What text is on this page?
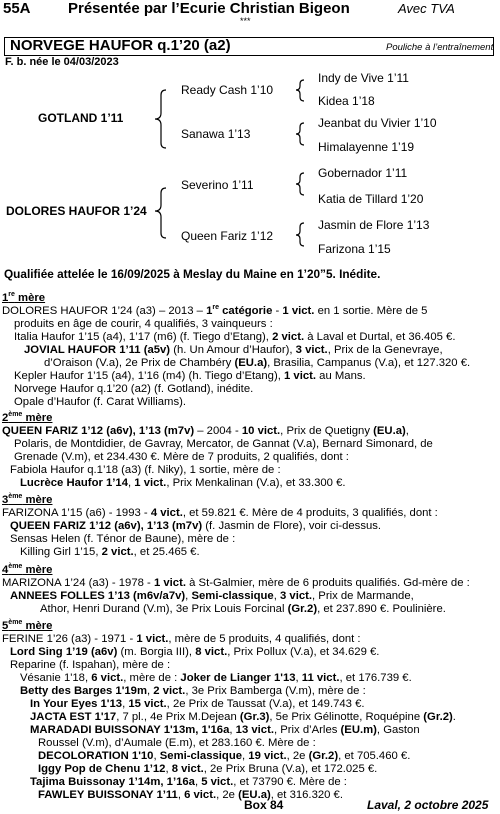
55A Présentée par l’Ecurie Christian Bigeon	Avec TVA
***
NORVEGE HAUFOR q.1’20 (a2)	Pouliche à l’entraînement
F. b. née le 04/03/2023
GOTLAND 1’11
DOLORES HAUFOR 1’24
Ready Cash 1’10
Sanawa 1’13
Severino 1’11
Queen Fariz 1’12
Indy de Vive 1’11
Kidea 1’18
Jeanbat du Vivier 1’10
Himalayenne 1’19
Gobernador 1’11
Katia de Tillard 1’20
Jasmin de Flore 1’13
Farizona 1’15
Qualifiée attelée le 16/09/2025 à Meslay du Maine en 1’20”5. Inédite.
1re mère
DOLORES HAUFOR 1’24 (a3) – 2013 – 1re catégorie - 1 vict. en 1 sortie. Mère de 5
produits en âge de courir, 4 qualifiés, 3 vainqueurs :
Italia Haufor 1’15 (a4), 1’17 (m6) (f. Tiego d’Etang), 2 vict. à Laval et Durtal, et 36.405 €.
JOVIAL HAUFOR 1’11 (a5v) (h. Un Amour d’Haufor), 3 vict., Prix de la Genevraye,
d’Oraison (V.a), 2e Prix de Chambéry (EU.a), Brasilia, Campanus (V.a), et 127.320 €.
Kepler Haufor 1’15 (a4), 1’16 (m4) (h. Tiego d’Etang), 1 vict. au Mans.
Norvege Haufor q.1’20 (a2) (f. Gotland), inédite.
Opale d’Haufor (f. Carat Williams).
2ème mère
QUEEN FARIZ 1’12 (a6v), 1’13 (m7v) – 2004 - 10 vict., Prix de Quetigny (EU.a),
Polaris, de Montdidier, de Gavray, Mercator, de Gannat (V.a), Bernard Simonard, de
Grenade (V.m), et 234.430 €. Mère de 7 produits, 2 qualifiés, dont :
Fabiola Haufor q.1’18 (a3) (f. Niky), 1 sortie, mère de :
Lucrèce Haufor 1’14, 1 vict., Prix Menkalinan (V.a), et 33.300 €.
3ème mère
FARIZONA 1’15 (a6) - 1993 - 4 vict., et 59.821 €. Mère de 4 produits, 3 qualifiés, dont :
QUEEN FARIZ 1’12 (a6v), 1’13 (m7v) (f. Jasmin de Flore), voir ci-dessus.
Sensas Helen (f. Ténor de Baune), mère de :
Killing Girl 1’15, 2 vict., et 25.465 €.
4ème mère
MARIZONA 1’24 (a3) - 1978 - 1 vict. à St-Galmier, mère de 6 produits qualifiés. Gd-mère de :
ANNEES FOLLES 1’13 (m6v/a7v), Semi-classique, 3 vict., Prix de Marmande,
Athor, Henri Durand (V.m), 3e Prix Louis Forcinal (Gr.2), et 237.890 €. Poulinière.
5ème mère
FERINE 1’26 (a3) - 1971 - 1 vict., mère de 5 produits, 4 qualifiés, dont :
Lord Sing 1’19 (a6v) (m. Borgia III), 8 vict., Prix Pollux (V.a), et 34.629 €.
Reparine (f. Ispahan), mère de :
Vésanie 1'18, 6 vict., mère de : Joker de Lianger 1'13, 11 vict., et 176.739 €.
Betty des Barges 1'19m, 2 vict., 3e Prix Bamberga (V.m), mère de :
In Your Eyes 1'13, 15 vict., 2e Prix de Taussat (V.a), et 149.743 €.
JACTA EST 1'17, 7 pl., 4e Prix M.Dejean (Gr.3), 5e Prix Gélinotte, Roquépine (Gr.2).
MARADADI BUISSONAY 1'13m, 1'16a, 13 vict., Prix d’Arles (EU.m), Gaston
Roussel (V.m), d’Aumale (E.m), et 283.160 €. Mère de :
DECOLORATION 1'10, Semi-classique, 19 vict., 2e (Gr.2), et 705.460 €.
Iggy Pop de Chenu 1’12, 8 vict., 2e Prix Bruna (V.a), et 172.025 €.
Tajima Buissonay 1’14m, 1’16a, 5 vict., et 73790 €. Mère de :
FAWLEY BUISSONAY 1’11, 6 vict., 2e (EU.a), et 316.320 €.
Box 84	Laval, 2 octobre 2025
